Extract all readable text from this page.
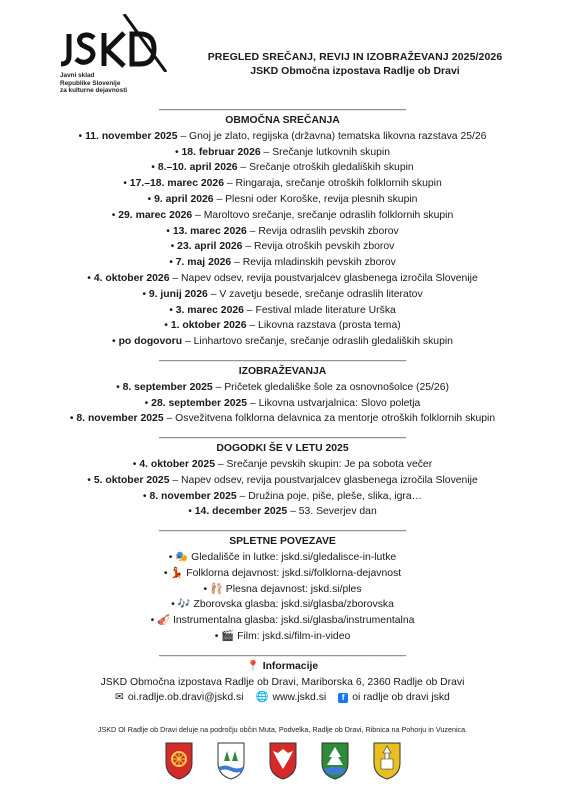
Javni sklad
Republike Slovenije
za kulturne dejavnosti
PREGLED SREČANJ, REVIJ IN IZOBRAŽEVANJ 2025/2026
JSKD Območna izpostava Radlje ob Dravi
______________________________________________
OBMOČNA SREČANJA
• 11. november 2025 – Gnoj je zlato, regijska (državna) tematska likovna razstava 25/26
• 18. februar 2026 – Srečanje lutkovnih skupin
• 8.–10. april 2026 – Srečanje otroških gledaliških skupin
• 17.–18. marec 2026 – Ringaraja, srečanje otroških folklornih skupin
• 9. april 2026 – Plesni oder Koroške, revija plesnih skupin
• 29. marec 2026 – Maroltovo srečanje, srečanje odraslih folklornih skupin
• 13. marec 2026 – Revija odraslih pevskih zborov
• 23. april 2026 – Revija otroških pevskih zborov
• 7. maj 2026 – Revija mladinskih pevskih zborov
• 4. oktober 2026 – Napev odsev, revija poustvarjalcev glasbenega izročila Slovenije
• 9. junij 2026 – V zavetju besede, srečanje odraslih literatov
• 3. marec 2026 – Festival mlade literature Urška
• 1. oktober 2026 – Likovna razstava (prosta tema)
• po dogovoru – Linhartovo srečanje, srečanje odraslih gledaliških skupin
______________________________________________
IZOBRAŽEVANJA
• 8. september 2025 – Pričetek gledališke šole za osnovnošolce (25/26)
• 28. september 2025 – Likovna ustvarjalnica: Slovo poletja
• 8. november 2025 – Osvežitvena folklorna delavnica za mentorje otroških folklornih skupin
______________________________________________
DOGODKI ŠE V LETU 2025
• 4. oktober 2025 – Srečanje pevskih skupin: Je pa sobota večer
• 5. oktober 2025 – Napev odsev, revija poustvarjalcev glasbenega izročila Slovenije
• 8. november 2025 – Družina poje, piše, pleše, slika, igra…
• 14. december 2025 – 53. Severjev dan
______________________________________________
SPLETNE POVEZAVE
• 🎭 Gledališče in lutke: jskd.si/gledalisce-in-lutke
• 💃 Folklorna dejavnost: jskd.si/folklorna-dejavnost
• 🩰 Plesna dejavnost: jskd.si/ples
• 🎶 Zborovska glasba: jskd.si/glasba/zborovska
• 🎻 Instrumentalna glasba: jskd.si/glasba/instrumentalna
• 🎬 Film: jskd.si/film-in-video
______________________________________________
📍 Informacije
JSKD Območna izpostava Radlje ob Dravi, Mariborska 6, 2360 Radlje ob Dravi
✉ oi.radlje.ob.dravi@jskd.si 🌐 www.jskd.si	f oi radlje ob dravi jskd
JSKD OI Radlje ob Dravi deluje na področju občin Muta, Podvelka, Radlje ob Dravi, Ribnica na Pohorju in Vuzenica.
